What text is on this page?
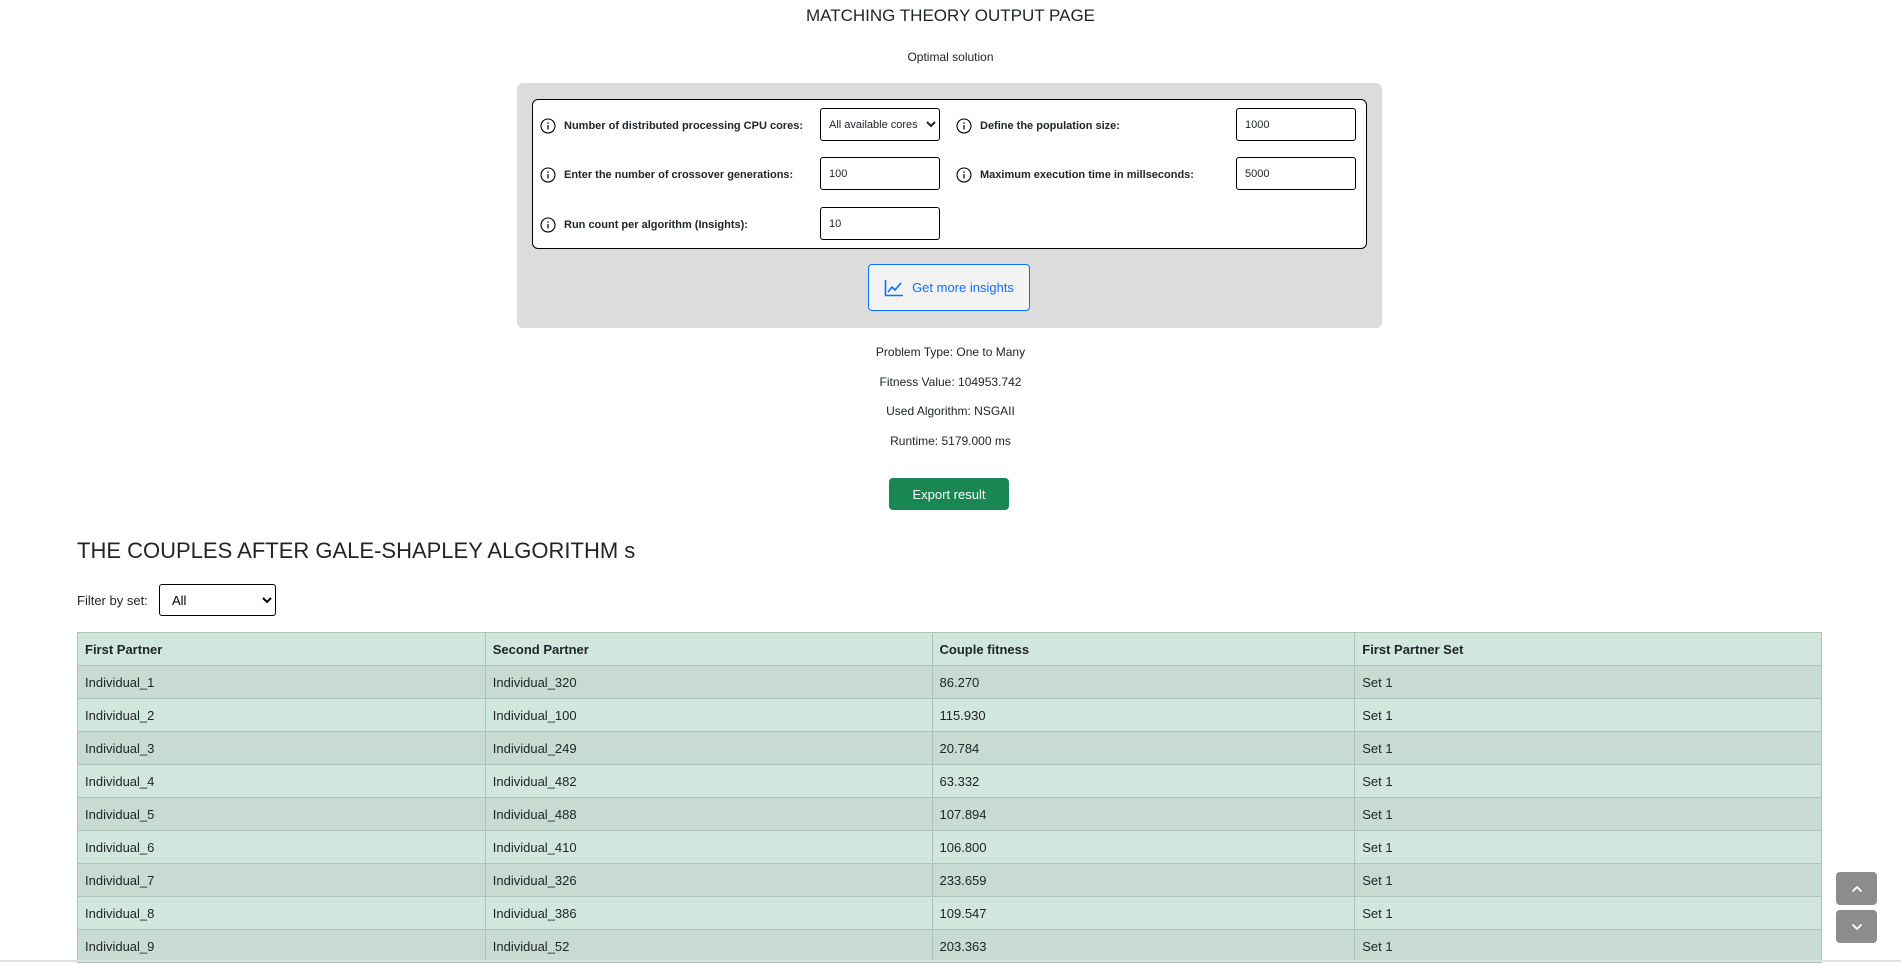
MATCHING THEORY OUTPUT PAGE

Optimal solution

Number of distributed processing CPU cores:
All available cores	Define the population size:
1000
Enter the number of crossover generations:
100	Maximum execution time in millseconds:
5000
Run count per algorithm (Insights):
10
Get more insights

Problem Type: One to Many

Fitness Value: 104953.742

Used Algorithm: NSGAII

Runtime: 5179.000 ms

Export result
THE COUPLES AFTER GALE-SHAPLEY ALGORITHM s
Filter by set:
All
First Partner	Second Partner	Couple fitness	First Partner Set
Individual_1	Individual_320	86.270	Set 1
Individual_2	Individual_100	115.930	Set 1
Individual_3	Individual_249	20.784	Set 1
Individual_4	Individual_482	63.332	Set 1
Individual_5	Individual_488	107.894	Set 1
Individual_6	Individual_410	106.800	Set 1
Individual_7	Individual_326	233.659	Set 1
Individual_8	Individual_386	109.547	Set 1
Individual_9	Individual_52	203.363	Set 1
